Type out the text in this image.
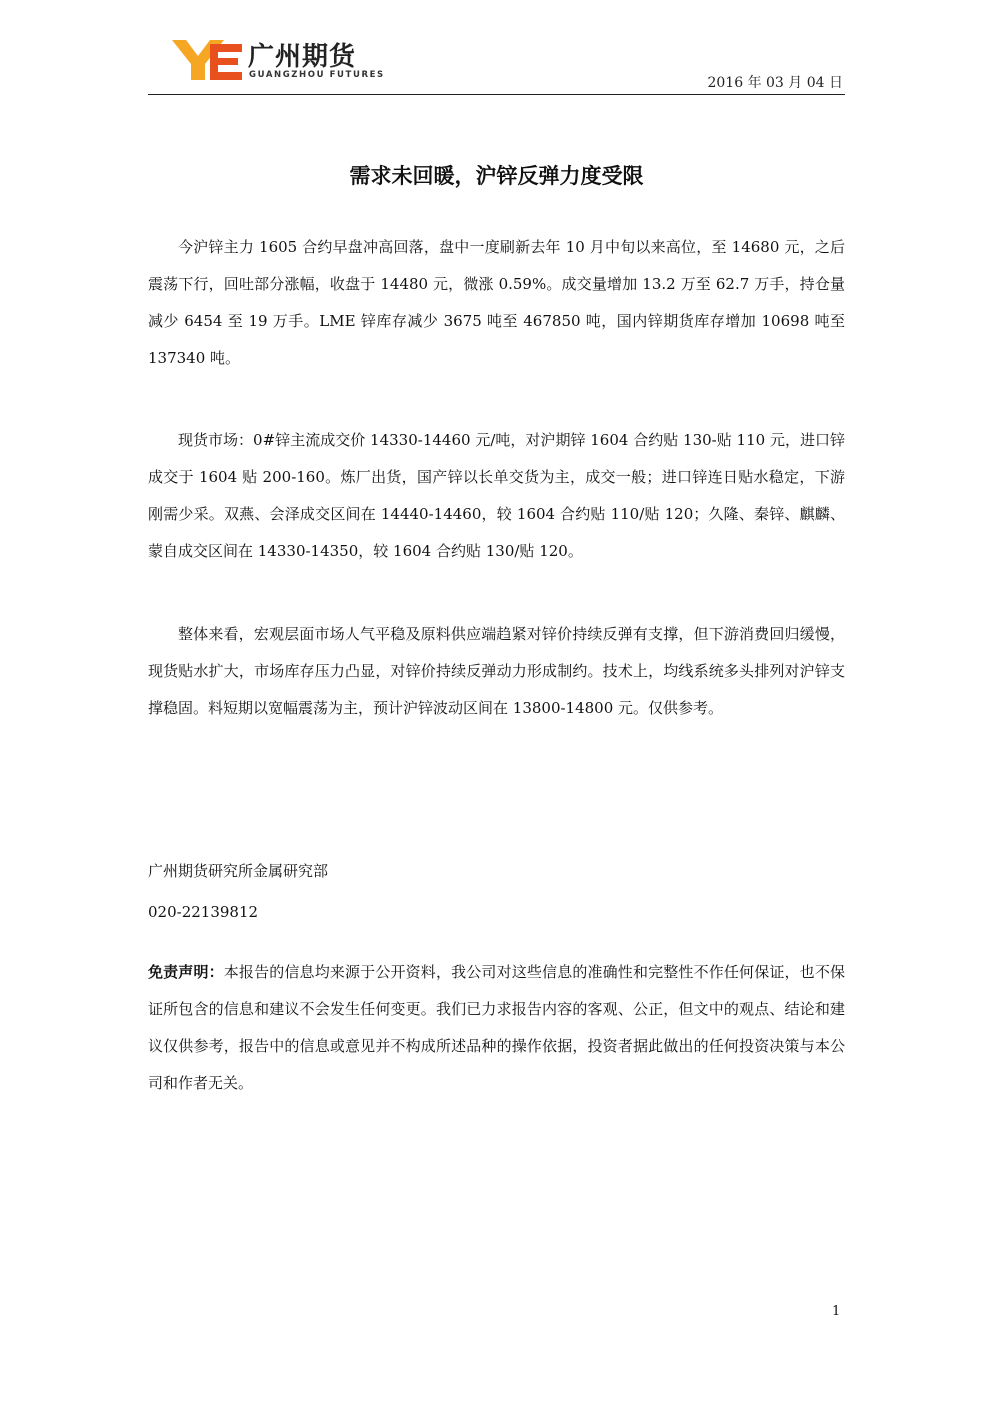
广州期货
GUANGZHOU FUTURES	2016 年 03 月 04 日
需求未回暖，沪锌反弹力度受限

今沪锌主力 1605 合约早盘冲高回落，盘中一度刷新去年 10 月中旬以来高位，至 14680 元，之后震荡下行，回吐部分涨幅，收盘于 14480 元，微涨 0.59%。成交量增加 13.2 万至 62.7 万手，持仓量减少 6454 至 19 万手。LME 锌库存减少 3675 吨至 467850 吨，国内锌期货库存增加 10698 吨至 137340 吨。

现货市场：0#锌主流成交价 14330-14460 元/吨，对沪期锌 1604 合约贴 130-贴 110 元，进口锌成交于 1604 贴 200-160。炼厂出货，国产锌以长单交货为主，成交一般；进口锌连日贴水稳定，下游刚需少采。双燕、会泽成交区间在 14440-14460，较 1604 合约贴 110/贴 120；久隆、秦锌、麒麟、蒙自成交区间在 14330-14350，较 1604 合约贴 130/贴 120。

整体来看，宏观层面市场人气平稳及原料供应端趋紧对锌价持续反弹有支撑，但下游消费回归缓慢，现货贴水扩大，市场库存压力凸显，对锌价持续反弹动力形成制约。技术上，均线系统多头排列对沪锌支撑稳固。料短期以宽幅震荡为主，预计沪锌波动区间在 13800-14800 元。仅供参考。

广州期货研究所金属研究部
020-22139812

免责声明：本报告的信息均来源于公开资料，我公司对这些信息的准确性和完整性不作任何保证，也不保证所包含的信息和建议不会发生任何变更。我们已力求报告内容的客观、公正，但文中的观点、结论和建议仅供参考，报告中的信息或意见并不构成所述品种的操作依据，投资者据此做出的任何投资决策与本公司和作者无关。

1
